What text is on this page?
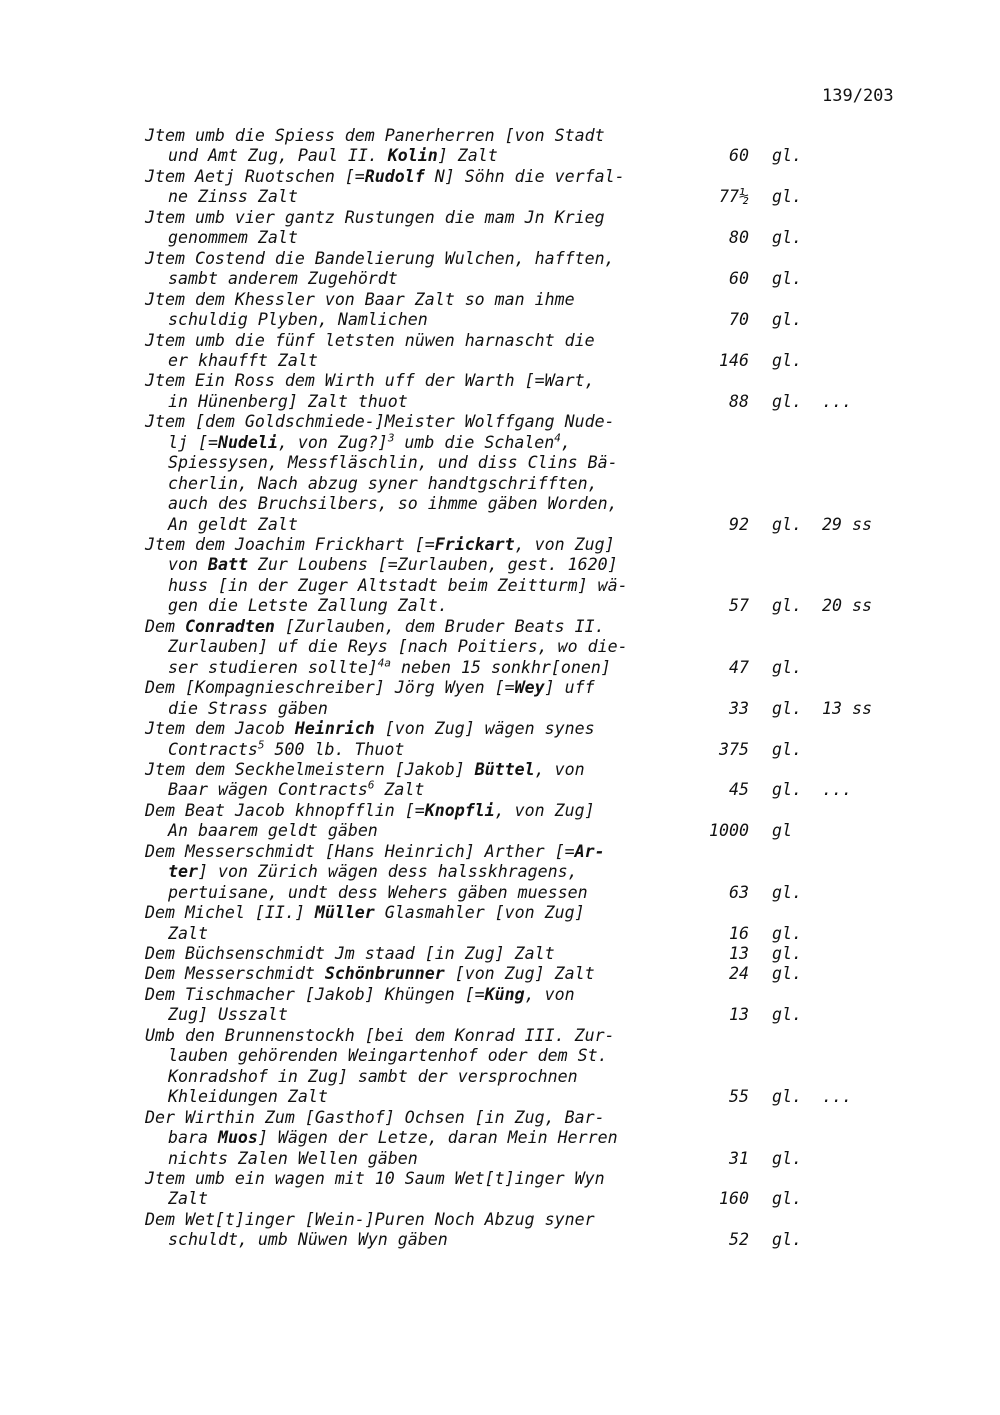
139/203
Jtem umb die Spiess dem Panerherren [von Stadt
und Amt Zug, Paul II. Kolin] Zalt	60 gl.
Jtem Aetj Ruotschen [=Rudolf N] Söhn die verfal-
ne Zinss Zalt	77½ gl.
Jtem umb vier gantz Rustungen die mam Jn Krieg
genommem Zalt	80 gl.
Jtem Costend die Bandelierung Wulchen, hafften,
sambt anderem Zugehördt	60 gl.
Jtem dem Khessler von Baar Zalt so man ihme
schuldig Plyben, Namlichen	70 gl.
Jtem umb die fünf letsten nüwen harnascht die
er khaufft Zalt	146 gl.
Jtem Ein Ross dem Wirth uff der Warth [=Wart,
in Hünenberg] Zalt thuot	88 gl. ...
Jtem [dem Goldschmiede-]Meister Wolffgang Nude-
lj [=Nudeli, von Zug?]$^3$ umb die Schalen$^4$,
Spiessysen, Messfläschlin, und diss Clins Bä-
cherlin, Nach abzug syner handtgschrifften,
auch des Bruchsilbers, so ihmme gäben Worden,
An geldt Zalt	92 gl. 29 ss
Jtem dem Joachim Frickhart [=Frickart, von Zug]
von Batt Zur Loubens [=Zurlauben, gest. 1620]
huss [in der Zuger Altstadt beim Zeitturm] wä-
gen die Letste Zallung Zalt.	57 gl. 20 ss
Dem Conradten [Zurlauben, dem Bruder Beats II.
Zurlauben] uf die Reys [nach Poitiers, wo die-
ser studieren sollte]$^{4a}$ neben 15 sonkhr[onen]	47 gl.
Dem [Kompagnieschreiber] Jörg Wyen [=Wey] uff
die Strass gäben	33 gl. 13 ss
Jtem dem Jacob Heinrich [von Zug] wägen synes
Contracts$^5$ 500 lb. Thuot	375 gl.
Jtem dem Seckhelmeistern [Jakob] Büttel, von
Baar wägen Contracts$^6$ Zalt	45 gl. ...
Dem Beat Jacob khnopfflin [=Knopfli, von Zug]
An baarem geldt gäben	1000 gl
Dem Messerschmidt [Hans Heinrich] Arther [=Ar-
ter] von Zürich wägen dess halsskhragens,
pertuisane, undt dess Wehers gäben muessen	63 gl.
Dem Michel [II.] Müller Glasmahler [von Zug]
Zalt	16 gl.
Dem Büchsenschmidt Jm staad [in Zug] Zalt	13 gl.
Dem Messerschmidt Schönbrunner [von Zug] Zalt	24 gl.
Dem Tischmacher [Jakob] Khüngen [=Küng, von
Zug] Usszalt	13 gl.
Umb den Brunnenstockh [bei dem Konrad III. Zur-
lauben gehörenden Weingartenhof oder dem St.
Konradshof in Zug] sambt der versprochnen
Khleidungen Zalt	55 gl. ...
Der Wirthin Zum [Gasthof] Ochsen [in Zug, Bar-
bara Muos] Wägen der Letze, daran Mein Herren
nichts Zalen Wellen gäben	31 gl.
Jtem umb ein wagen mit 10 Saum Wet[t]inger Wyn
Zalt	160 gl.
Dem Wet[t]inger [Wein-]Puren Noch Abzug syner
schuldt, umb Nüwen Wyn gäben	52 gl.
